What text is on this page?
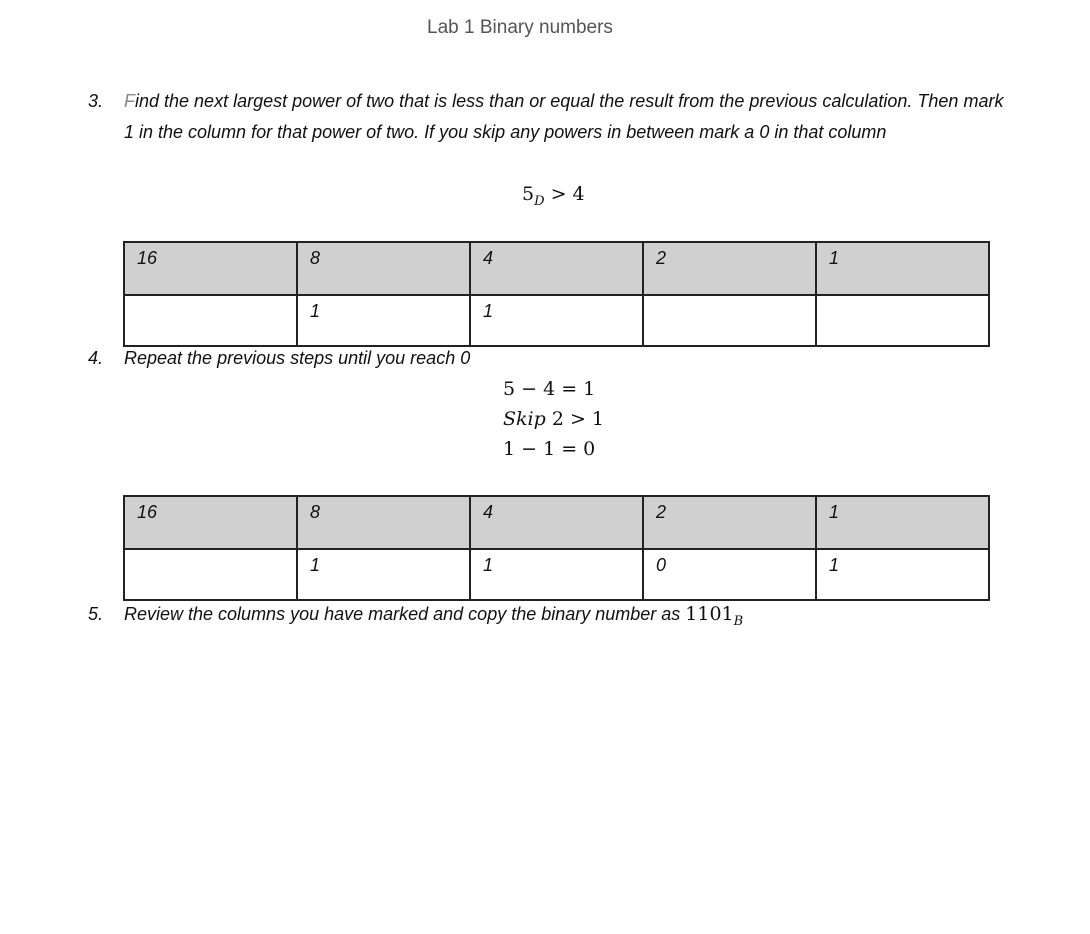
Lab 1 Binary numbers
3. Find the next largest power of two that is less than or equal the result from the previous calculation. Then mark 1 in the column for that power of two. If you skip any powers in between mark a 0 in that column
$5_D > 4$
16	8	4	2	1
	1	1		
4. Repeat the previous steps until you reach 0
5 − 4 = 1
Skip 2 > 1
1 − 1 = 0
16	8	4	2	1
	1	1	0	1
5. Review the columns you have marked and copy the binary number as $1101_B$
